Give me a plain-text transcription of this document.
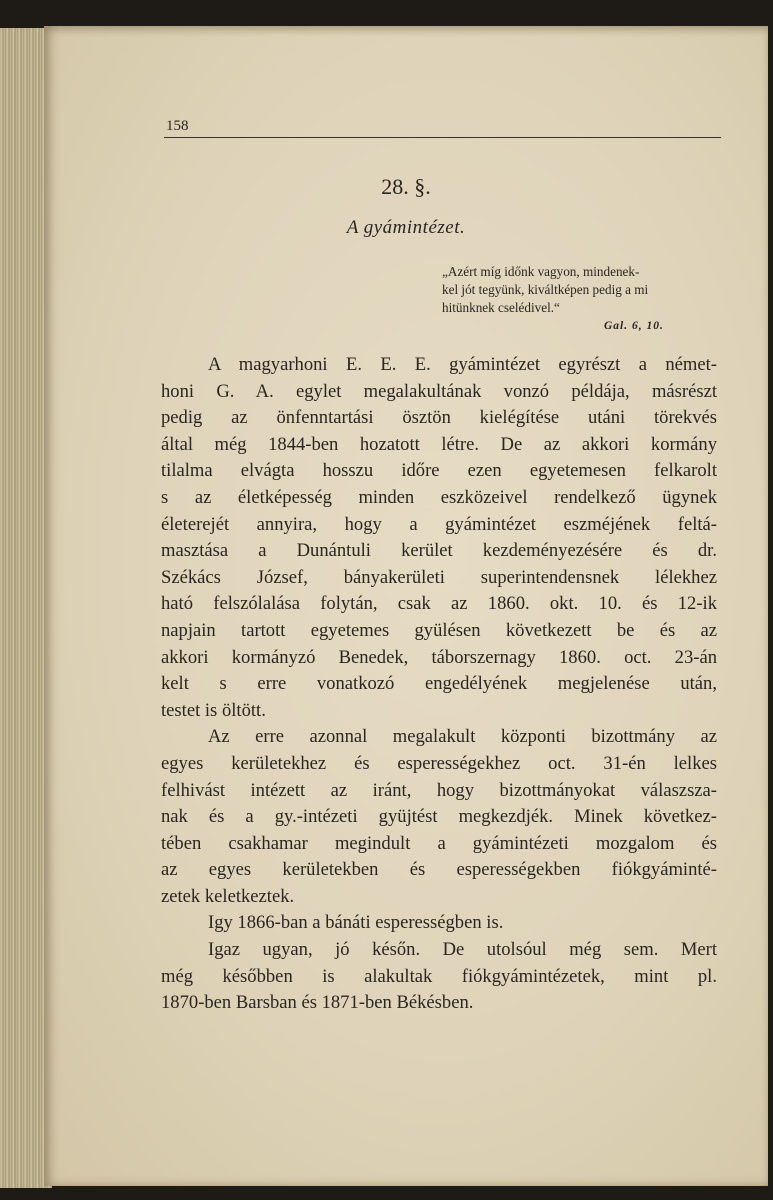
158
28. §.
A gyámintézet.
„Azért míg időnk vagyon, mindenek-
kel jót tegyünk, kiváltképen pedig a mi
hitünknek cselédivel.“
Gal. 6, 10.
A magyarhoni E. E. E. gyámintézet egyrészt a német-
honi G. A. egylet megalakultának vonzó példája, másrészt
pedig az önfenntartási ösztön kielégítése utáni törekvés
által még 1844-ben hozatott létre. De az akkori kormány
tilalma elvágta hosszu időre ezen egyetemesen felkarolt
s az életképesség minden eszközeivel rendelkező ügynek
életerejét annyira, hogy a gyámintézet eszméjének feltá-
masztása a Dunántuli kerület kezdeményezésére és dr.
Székács József, bányakerületi superintendensnek lélekhez
ható felszólalása folytán, csak az 1860. okt. 10. és 12-ik
napjain tartott egyetemes gyülésen következett be és az
akkori kormányzó Benedek, táborszernagy 1860. oct. 23-án
kelt s erre vonatkozó engedélyének megjelenése után,
testet is öltött.
Az erre azonnal megalakult központi bizottmány az
egyes kerületekhez és esperességekhez oct. 31-én lelkes
felhivást intézett az iránt, hogy bizottmányokat válaszsza-
nak és a gy.-intézeti gyüjtést megkezdjék. Minek következ-
tében csakhamar megindult a gyámintézeti mozgalom és
az egyes kerületekben és esperességekben fiókgyáminté-
zetek keletkeztek.
Igy 1866-ban a bánáti esperességben is.
Igaz ugyan, jó későn. De utolsóul még sem. Mert
még későbben is alakultak fiókgyámintézetek, mint pl.
1870-ben Barsban és 1871-ben Békésben.
